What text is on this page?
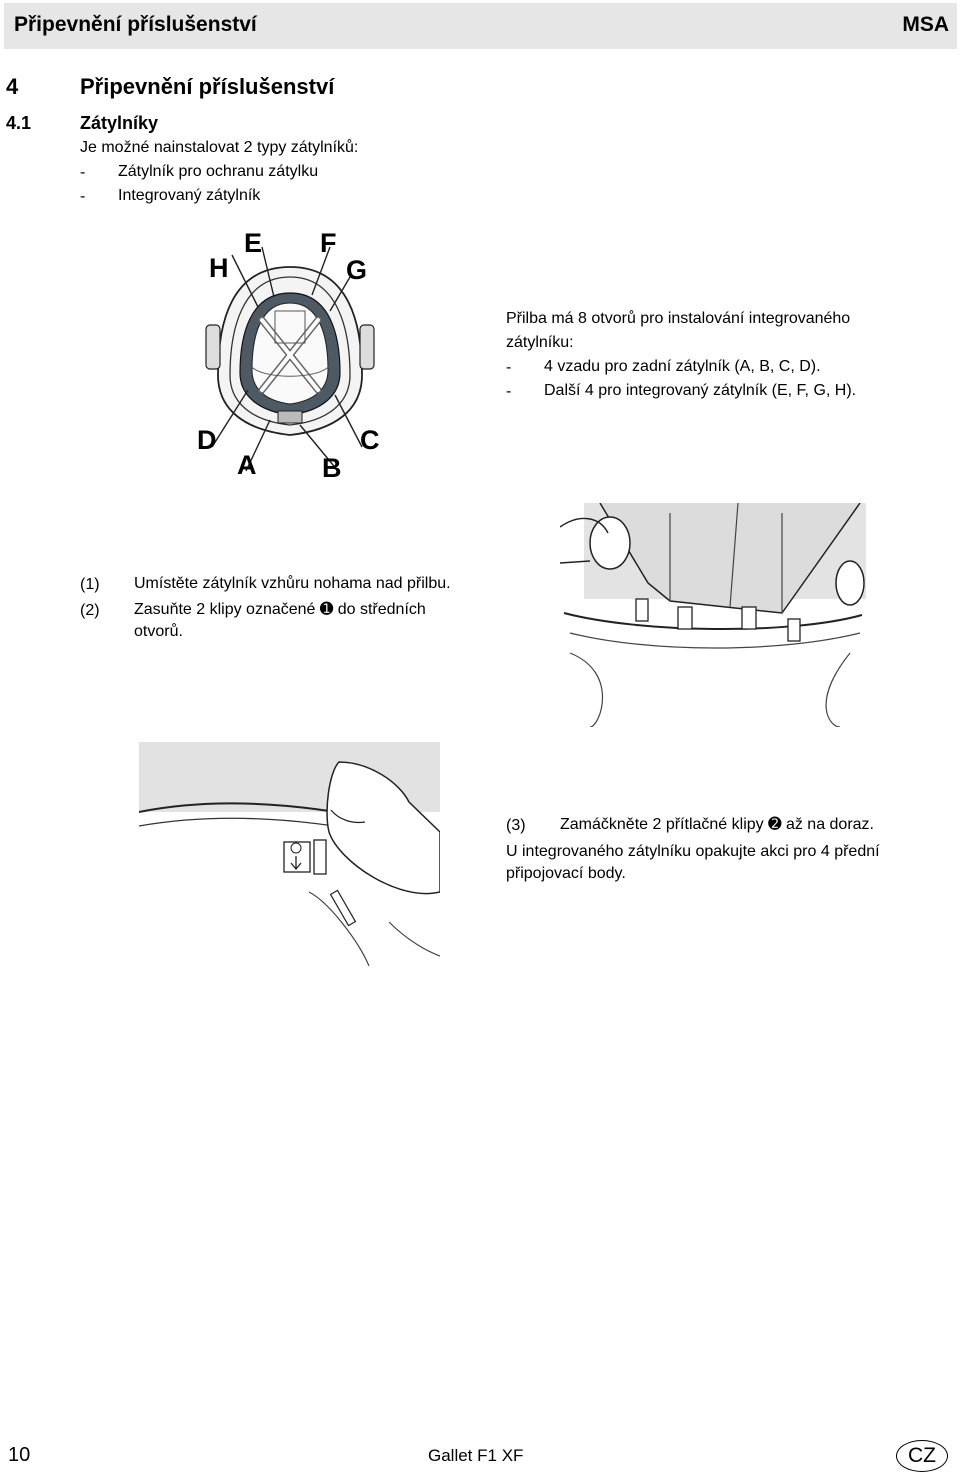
Připevnění příslušenství	MSA
4	Připevnění příslušenství
4.1	Zátylníky
Je možné nainstalovat 2 typy zátylníků:
- Zátylník pro ochranu zátylku
- Integrovaný zátylník
E F
H	G
D	C
A B
Přilba má 8 otvorů pro instalování integrovaného
zátylníku:
- 4 vzadu pro zadní zátylník (A, B, C, D).
- Další 4 pro integrovaný zátylník (E, F, G, H).
(1) Umístěte zátylník vzhůru nohama nad přilbu.
(2) Zasuňte 2 klipy označené ➊ do středních
otvorů.
(3) Zamáčkněte 2 přítlačné klipy ➋ až na doraz.
U integrovaného zátylníku opakujte akci pro 4 přední
připojovací body.
10	Gallet F1 XF	CZ
